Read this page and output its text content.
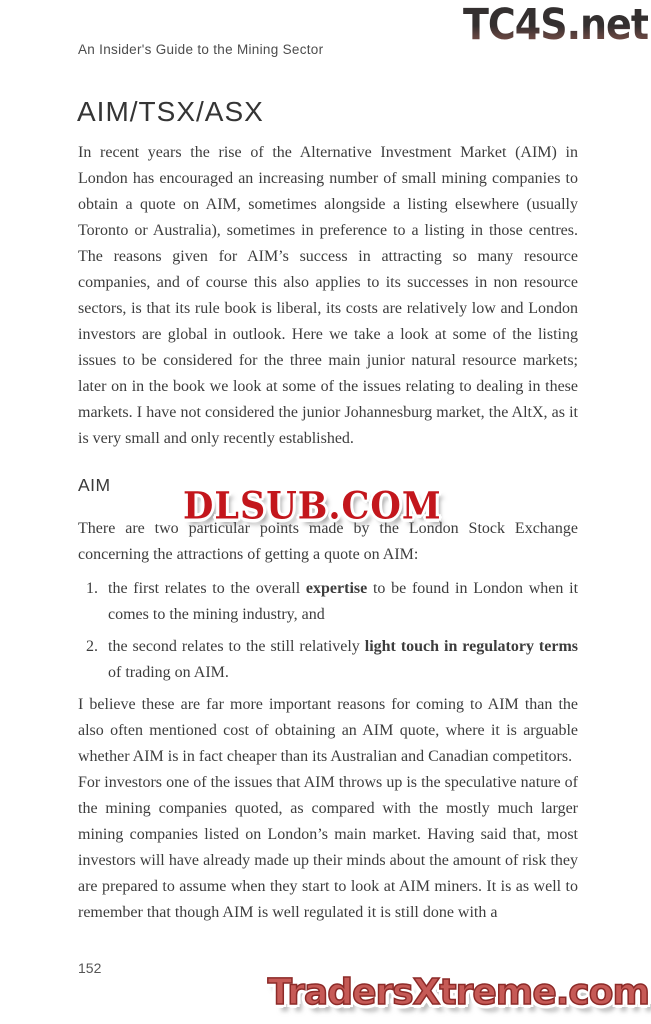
An Insider's Guide to the Mining Sector
TC4S.net
AIM/TSX/ASX

In recent years the rise of the Alternative Investment Market (AIM) in London has encouraged an increasing number of small mining companies to obtain a quote on AIM, sometimes alongside a listing elsewhere (usually Toronto or Australia), sometimes in preference to a listing in those centres. The reasons given for AIM’s success in attracting so many resource companies, and of course this also applies to its successes in non resource sectors, is that its rule book is liberal, its costs are relatively low and London investors are global in outlook. Here we take a look at some of the listing issues to be considered for the three main junior natural resource markets; later on in the book we look at some of the issues relating to dealing in these markets. I have not considered the junior Johannesburg market, the AltX, as it is very small and only recently established.

AIM

There are two particular points made by the London Stock Exchange concerning the attractions of getting a quote on AIM:

1. the first relates to the overall expertise to be found in London when it comes to the mining industry, and
2. the second relates to the still relatively light touch in regulatory terms of trading on AIM.

I believe these are far more important reasons for coming to AIM than the also often mentioned cost of obtaining an AIM quote, where it is arguable whether AIM is in fact cheaper than its Australian and Canadian competitors.

For investors one of the issues that AIM throws up is the speculative nature of the mining companies quoted, as compared with the mostly much larger mining companies listed on London’s main market. Having said that, most investors will have already made up their minds about the amount of risk they are prepared to assume when they start to look at AIM miners. It is as well to remember that though AIM is well regulated it is still done with a

DLSUB.COM
152
TradersXtreme.com
